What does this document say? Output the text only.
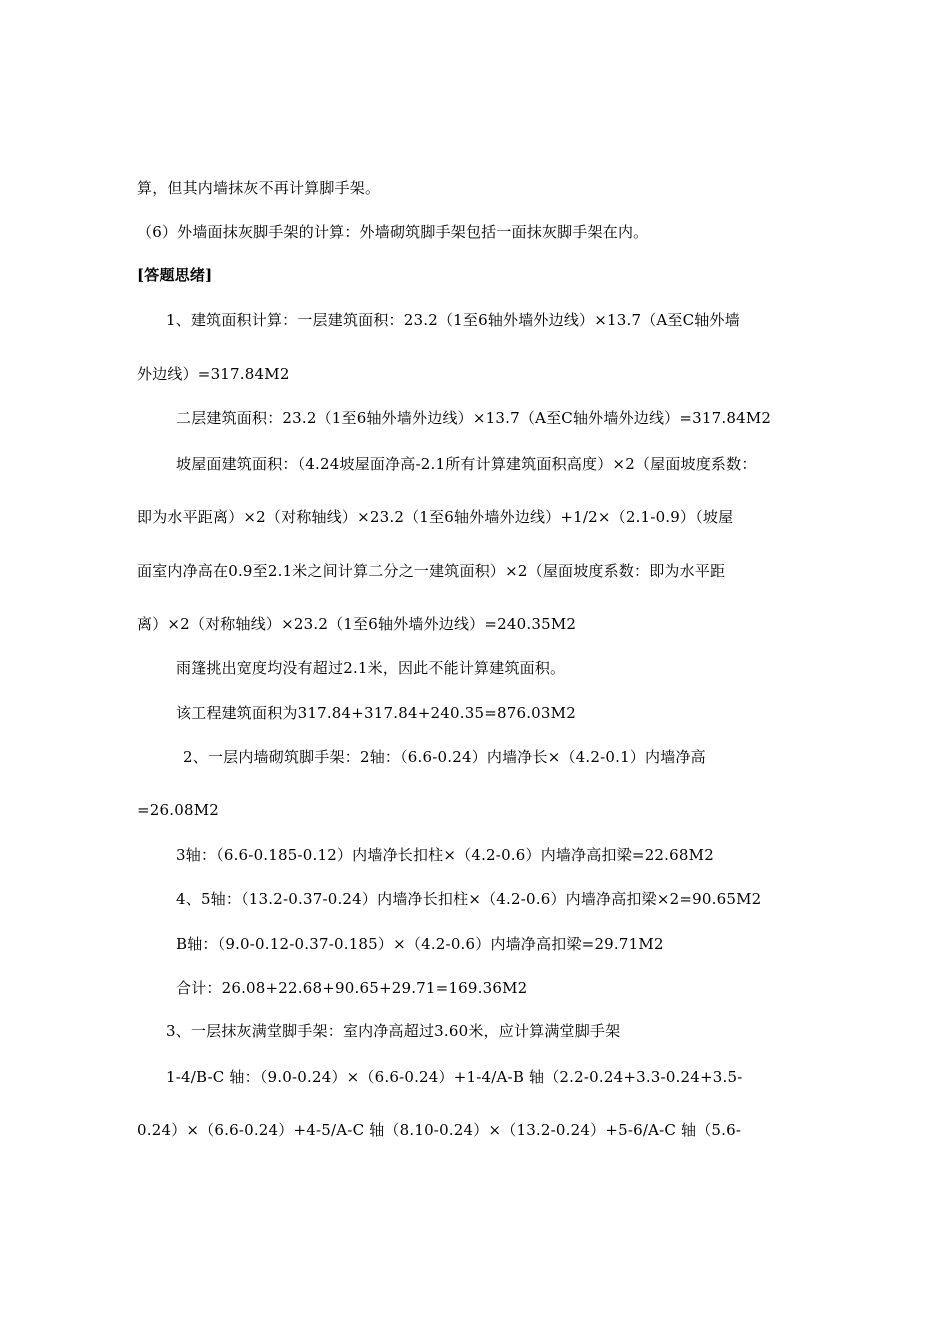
算，但其内墙抹灰不再计算脚手架。
（6）外墙面抹灰脚手架的计算：外墙砌筑脚手架包括一面抹灰脚手架在内。
[答题思绪]
1、建筑面积计算：一层建筑面积：23.2（1至6轴外墙外边线）×13.7（A至C轴外墙
外边线）=317.84M2
二层建筑面积：23.2（1至6轴外墙外边线）×13.7（A至C轴外墙外边线）=317.84M2
坡屋面建筑面积：（4.24坡屋面净高-2.1所有计算建筑面积高度）×2（屋面坡度系数：
即为水平距离）×2（对称轴线）×23.2（1至6轴外墙外边线）+1/2×（2.1-0.9）（坡屋
面室内净高在0.9至2.1米之间计算二分之一建筑面积）×2（屋面坡度系数：即为水平距
离）×2（对称轴线）×23.2（1至6轴外墙外边线）=240.35M2
雨篷挑出宽度均没有超过2.1米，因此不能计算建筑面积。
该工程建筑面积为317.84+317.84+240.35=876.03M2
2、一层内墙砌筑脚手架：2轴：（6.6-0.24）内墙净长×（4.2-0.1）内墙净高
=26.08M2
3轴：（6.6-0.185-0.12）内墙净长扣柱×（4.2-0.6）内墙净高扣梁=22.68M2
4、5轴：（13.2-0.37-0.24）内墙净长扣柱×（4.2-0.6）内墙净高扣梁×2=90.65M2
B轴：（9.0-0.12-0.37-0.185）×（4.2-0.6）内墙净高扣梁=29.71M2
合计：26.08+22.68+90.65+29.71=169.36M2
3、一层抹灰满堂脚手架：室内净高超过3.60米，应计算满堂脚手架
1-4/B-C 轴：（9.0-0.24）×（6.6-0.24）+1-4/A-B 轴（2.2-0.24+3.3-0.24+3.5-
0.24）×（6.6-0.24）+4-5/A-C 轴（8.10-0.24）×（13.2-0.24）+5-6/A-C 轴（5.6-
